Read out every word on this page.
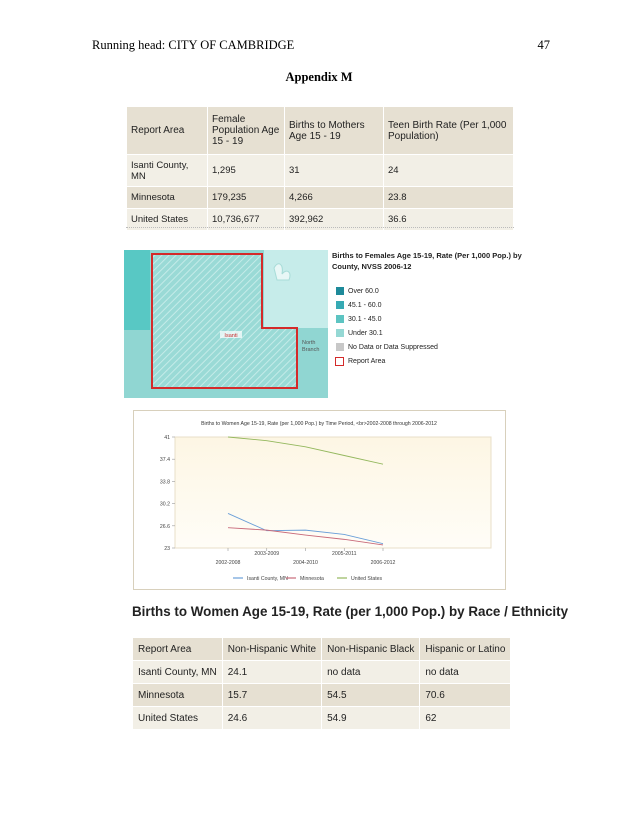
Running head: CITY OF CAMBRIDGE	47
Appendix M
Report Area	Female Population Age 15 - 19	Births to Mothers Age 15 - 19	Teen Birth Rate (Per 1,000 Population)
Isanti County, MN	1,295	31	24
Minnesota	179,235	4,266	23.8
United States	10,736,677	392,962	36.6
Isanti
North
Branch
Births to Females Age 15-19, Rate (Per 1,000 Pop.) by County, NVSS 2006-12
Over 60.0
45.1 - 60.0
30.1 - 45.0
Under 30.1
No Data or Data Suppressed
Report Area
Births to Women Age 15-19, Rate (per 1,000 Pop.) by Time Period, <br>2002-2008 through 2006-2012
23
26.6
30.2
33.8
37.4
41
2002-2008
2003-2009
2004-2010
2005-2011
2006-2012
Isanti County, MN Minnesota	United States
Births to Women Age 15-19, Rate (per 1,000 Pop.) by Race / Ethnicity
Report Area	Non-Hispanic White	Non-Hispanic Black	Hispanic or Latino
Isanti County, MN	24.1	no data	no data
Minnesota	15.7	54.5	70.6
United States	24.6	54.9	62
